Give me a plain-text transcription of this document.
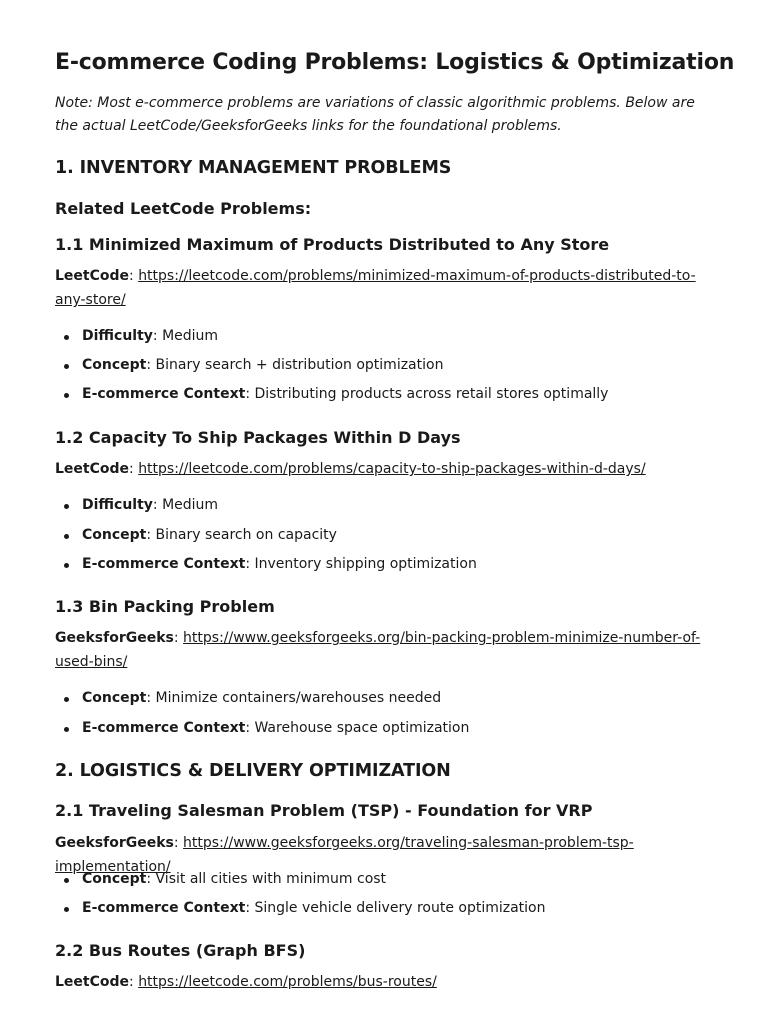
E-commerce Coding Problems: Logistics & Optimization
Note: Most e-commerce problems are variations of classic algorithmic problems. Below are the actual LeetCode/GeeksforGeeks links for the foundational problems.
1. INVENTORY MANAGEMENT PROBLEMS
Related LeetCode Problems:
1.1 Minimized Maximum of Products Distributed to Any Store
LeetCode: https://leetcode.com/problems/minimized-maximum-of-products-distributed-to-any-store/
Difficulty: Medium
Concept: Binary search + distribution optimization
E-commerce Context: Distributing products across retail stores optimally
1.2 Capacity To Ship Packages Within D Days
LeetCode: https://leetcode.com/problems/capacity-to-ship-packages-within-d-days/
Difficulty: Medium
Concept: Binary search on capacity
E-commerce Context: Inventory shipping optimization
1.3 Bin Packing Problem
GeeksforGeeks: https://www.geeksforgeeks.org/bin-packing-problem-minimize-number-of-used-bins/
Concept: Minimize containers/warehouses needed
E-commerce Context: Warehouse space optimization
2. LOGISTICS & DELIVERY OPTIMIZATION
2.1 Traveling Salesman Problem (TSP) - Foundation for VRP
GeeksforGeeks: https://www.geeksforgeeks.org/traveling-salesman-problem-tsp-implementation/
Concept: Visit all cities with minimum cost
E-commerce Context: Single vehicle delivery route optimization
2.2 Bus Routes (Graph BFS)
LeetCode: https://leetcode.com/problems/bus-routes/
